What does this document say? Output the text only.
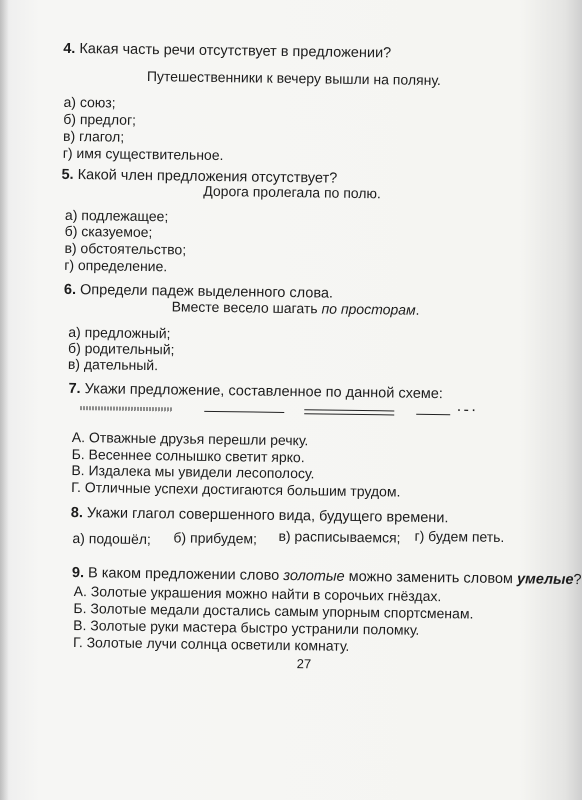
4. Какая часть речи отсутствует в предложении?
Путешественники к вечеру вышли на поляну.
а) союз;
б) предлог;
в) глагол;
г) имя существительное.
5. Какой член предложения отсутствует?
Дорога пролегала по полю.
а) подлежащее;
б) сказуемое;
в) обстоятельство;
г) определение.
6. Определи падеж выделенного слова.
Вместе весело шагать по просторам.
а) предложный;
б) родительный;
в) дательный.
7. Укажи предложение, составленное по данной схеме:
·-·
А. Отважные друзья перешли речку.
Б. Весеннее солнышко светит ярко.
В. Издалека мы увидели лесополосу.
Г. Отличные успехи достигаются большим трудом.
8. Укажи глагол совершенного вида, будущего времени.
а) подошёл; б) прибудем; в) расписываемся; г) будем петь.
9. В каком предложении слово золотые можно заменить словом умелые?
А. Золотые украшения можно найти в сорочьих гнёздах.
Б. Золотые медали достались самым упорным спортсменам.
В. Золотые руки мастера быстро устранили поломку.
Г. Золотые лучи солнца осветили комнату.
27
